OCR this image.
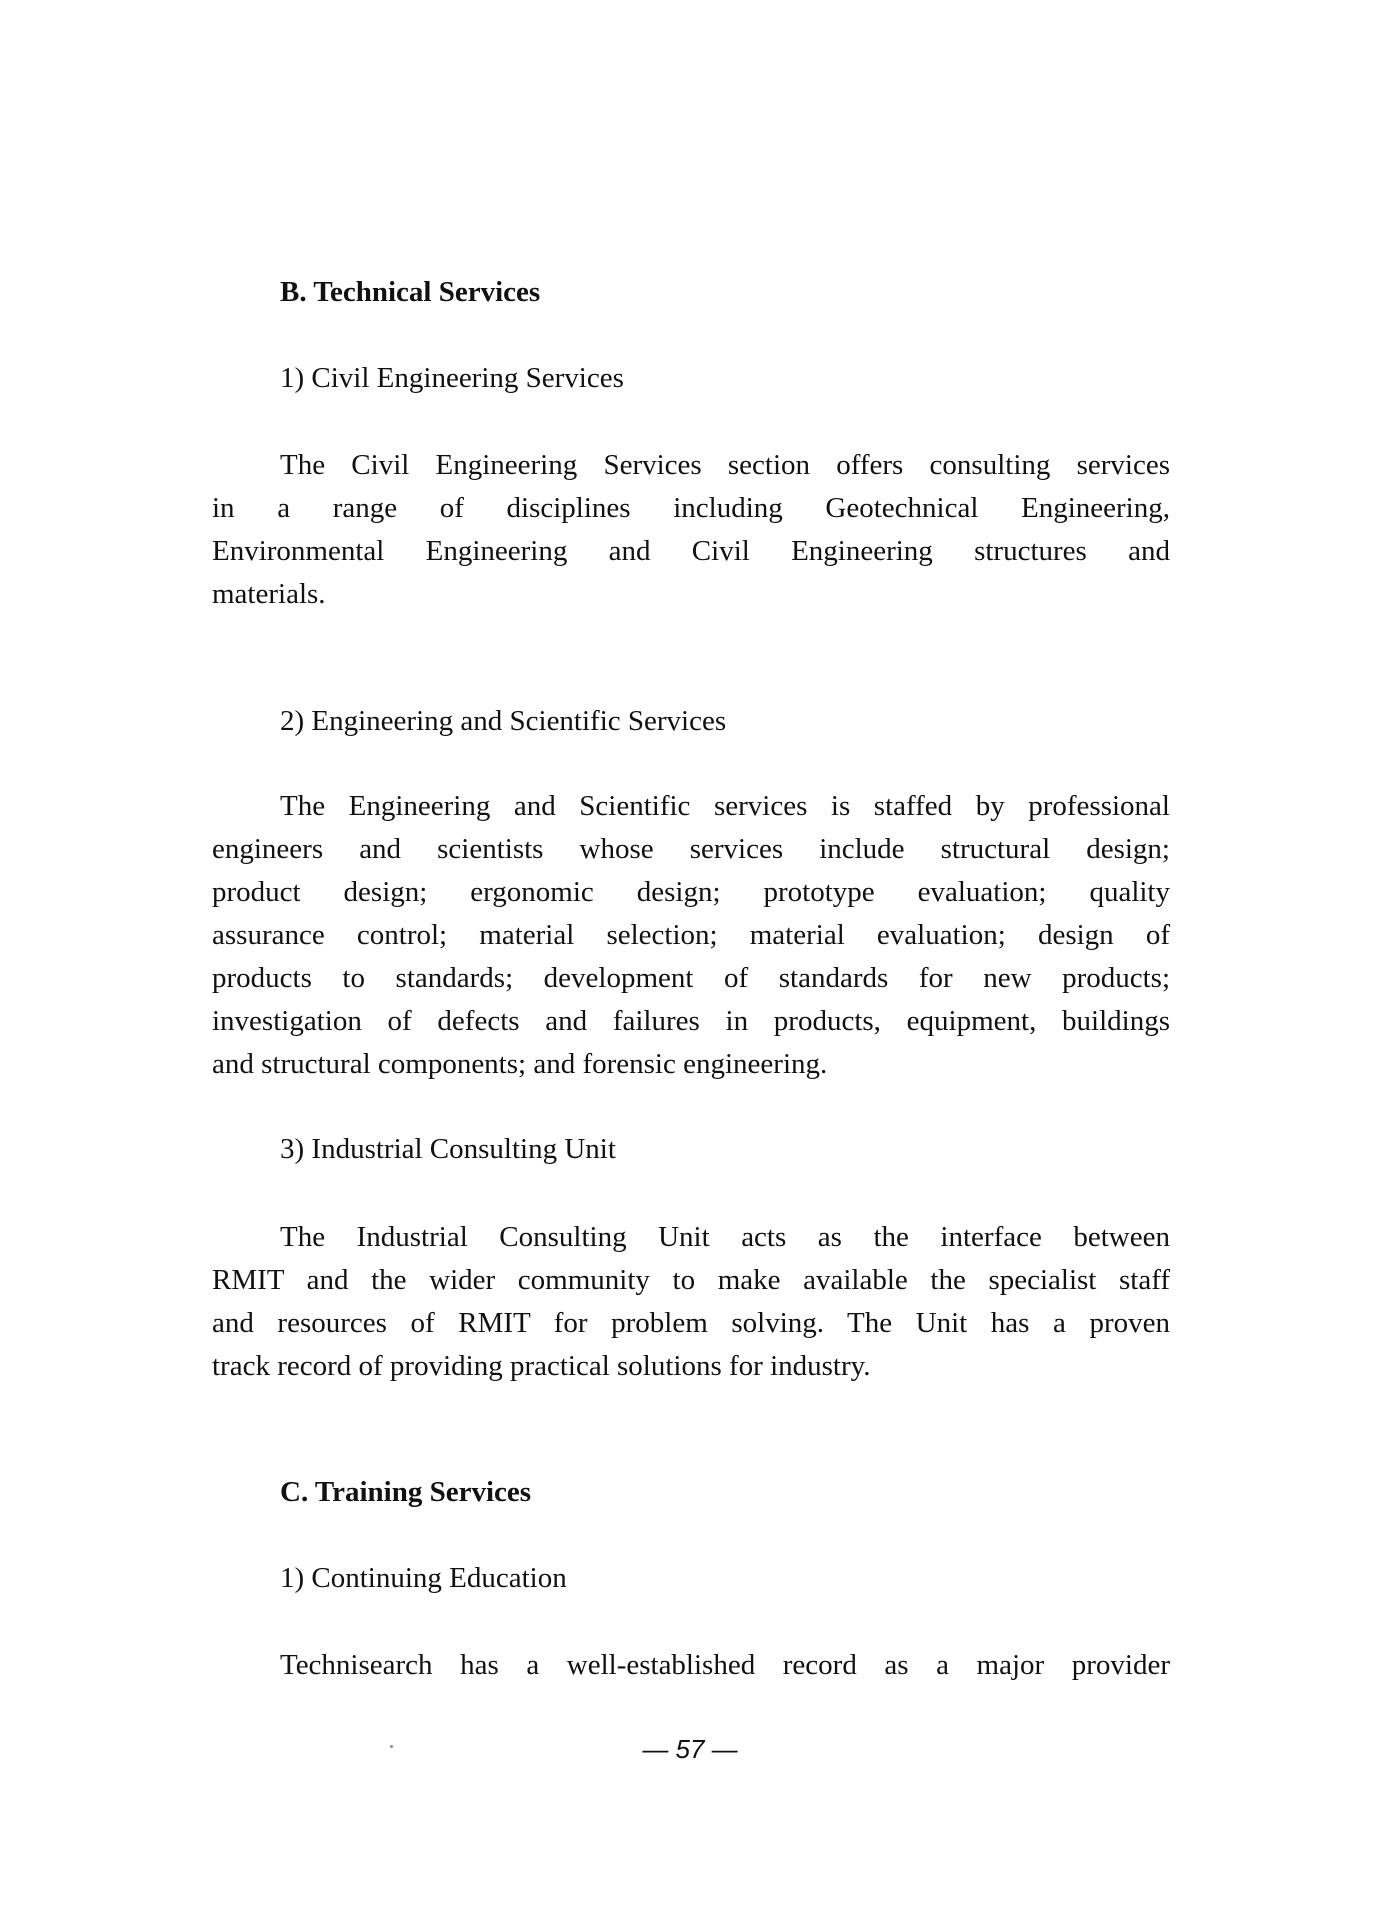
B. Technical Services
1) Civil Engineering Services
The Civil Engineering Services section offers consulting services
in a range of disciplines including Geotechnical Engineering,
Environmental Engineering and Civil Engineering structures and
materials.
2) Engineering and Scientific Services
The Engineering and Scientific services is staffed by professional
engineers and scientists whose services include structural design;
product design; ergonomic design; prototype evaluation; quality
assurance control; material selection; material evaluation; design of
products to standards; development of standards for new products;
investigation of defects and failures in products, equipment, buildings
and structural components; and forensic engineering.
3) Industrial Consulting Unit
The Industrial Consulting Unit acts as the interface between
RMIT and the wider community to make available the specialist staff
and resources of RMIT for problem solving. The Unit has a proven
track record of providing practical solutions for industry.
C. Training Services
1) Continuing Education
Technisearch has a well-established record as a major provider
— 57 —
